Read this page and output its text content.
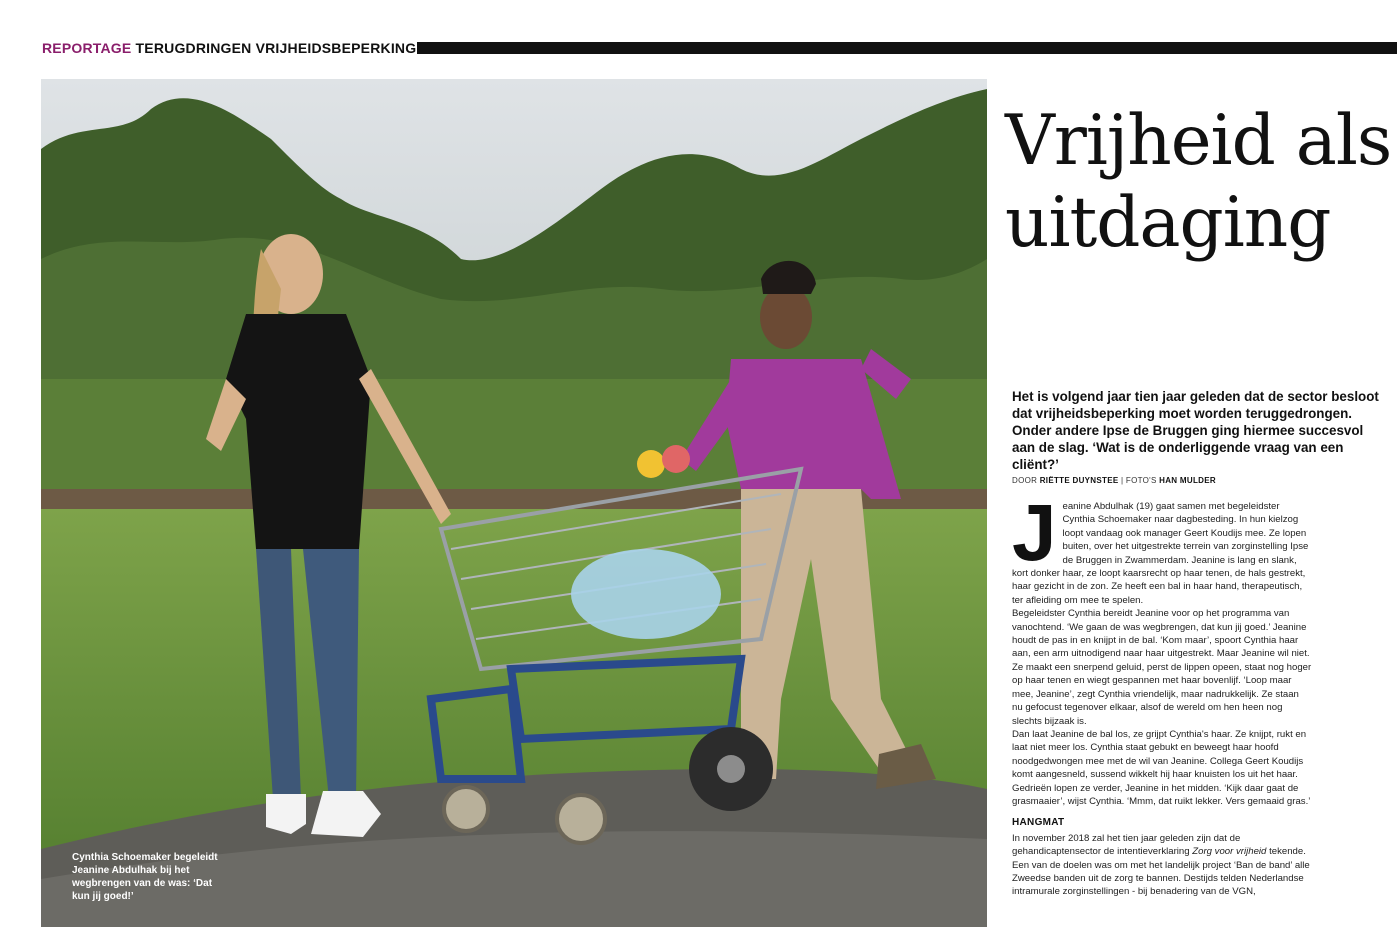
REPORTAGE TERUGDRINGEN VRIJHEIDSBEPERKING
Cynthia Schoemaker begeleidt Jeanine Abdulhak bij het wegbrengen van de was: ‘Dat kun jij goed!’
Vrijheid als
uitdaging
Het is volgend jaar tien jaar geleden dat de sector besloot dat vrijheidsbeperking moet worden teruggedrongen. Onder andere Ipse de Bruggen ging hiermee succesvol aan de slag. ‘Wat is de onderliggende vraag van een cliënt?’
DOOR RIËTTE DUYNSTEE | FOTO'S HAN MULDER
J eanine Abdulhak (19) gaat samen met begeleidster Cynthia Schoemaker naar dagbesteding. In hun kielzog loopt vandaag ook manager Geert Koudijs mee. Ze lopen buiten, over het uitgestrekte terrein van zorginstelling Ipse de Bruggen in Zwammerdam. Jeanine is lang en slank, kort donker haar, ze loopt kaarsrecht op haar tenen, de hals gestrekt, haar gezicht in de zon. Ze heeft een bal in haar hand, therapeutisch, ter afleiding om mee te spelen.

Begeleidster Cynthia bereidt Jeanine voor op het programma van vanochtend. ‘We gaan de was wegbrengen, dat kun jij goed.’ Jeanine houdt de pas in en knijpt in de bal. ‘Kom maar’, spoort Cynthia haar aan, een arm uitnodigend naar haar uitgestrekt. Maar Jeanine wil niet. Ze maakt een snerpend geluid, perst de lippen opeen, staat nog hoger op haar tenen en wiegt gespannen met haar bovenlijf. ‘Loop maar mee, Jeanine’, zegt Cynthia vriendelijk, maar nadrukkelijk. Ze staan nu gefocust tegenover elkaar, alsof de wereld om hen heen nog slechts bijzaak is.

Dan laat Jeanine de bal los, ze grijpt Cynthia's haar. Ze knijpt, rukt en laat niet meer los. Cynthia staat gebukt en beweegt haar hoofd noodgedwongen mee met de wil van Jeanine. Collega Geert Koudijs komt aangesneld, sussend wikkelt hij haar knuisten los uit het haar. Gedrieën lopen ze verder, Jeanine in het midden. ‘Kijk daar gaat de grasmaaier’, wijst Cynthia. ‘Mmm, dat ruikt lekker. Vers gemaaid gras.’

HANGMAT

In november 2018 zal het tien jaar geleden zijn dat de gehandicaptensector de intentieverklaring Zorg voor vrijheid tekende. Een van de doelen was om met het landelijk project ‘Ban de band’ alle Zweedse banden uit de zorg te bannen. Destijds telden Nederlandse intramurale zorginstellingen - bij benadering van de VGN,
